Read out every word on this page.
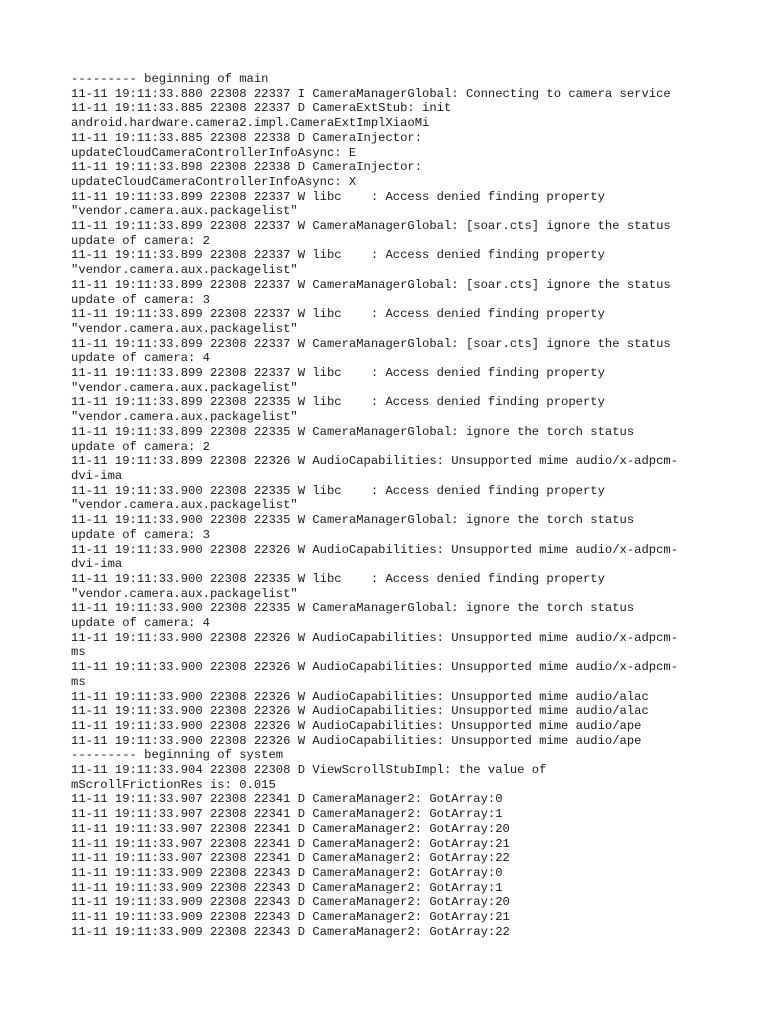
--------- beginning of main
11-11 19:11:33.880 22308 22337 I CameraManagerGlobal: Connecting to camera service
11-11 19:11:33.885 22308 22337 D CameraExtStub: init
android.hardware.camera2.impl.CameraExtImplXiaoMi
11-11 19:11:33.885 22308 22338 D CameraInjector:
updateCloudCameraControllerInfoAsync: E
11-11 19:11:33.898 22308 22338 D CameraInjector:
updateCloudCameraControllerInfoAsync: X
11-11 19:11:33.899 22308 22337 W libc    : Access denied finding property
"vendor.camera.aux.packagelist"
11-11 19:11:33.899 22308 22337 W CameraManagerGlobal: [soar.cts] ignore the status
update of camera: 2
11-11 19:11:33.899 22308 22337 W libc    : Access denied finding property
"vendor.camera.aux.packagelist"
11-11 19:11:33.899 22308 22337 W CameraManagerGlobal: [soar.cts] ignore the status
update of camera: 3
11-11 19:11:33.899 22308 22337 W libc    : Access denied finding property
"vendor.camera.aux.packagelist"
11-11 19:11:33.899 22308 22337 W CameraManagerGlobal: [soar.cts] ignore the status
update of camera: 4
11-11 19:11:33.899 22308 22337 W libc    : Access denied finding property
"vendor.camera.aux.packagelist"
11-11 19:11:33.899 22308 22335 W libc    : Access denied finding property
"vendor.camera.aux.packagelist"
11-11 19:11:33.899 22308 22335 W CameraManagerGlobal: ignore the torch status
update of camera: 2
11-11 19:11:33.899 22308 22326 W AudioCapabilities: Unsupported mime audio/x-adpcm-
dvi-ima
11-11 19:11:33.900 22308 22335 W libc    : Access denied finding property
"vendor.camera.aux.packagelist"
11-11 19:11:33.900 22308 22335 W CameraManagerGlobal: ignore the torch status
update of camera: 3
11-11 19:11:33.900 22308 22326 W AudioCapabilities: Unsupported mime audio/x-adpcm-
dvi-ima
11-11 19:11:33.900 22308 22335 W libc    : Access denied finding property
"vendor.camera.aux.packagelist"
11-11 19:11:33.900 22308 22335 W CameraManagerGlobal: ignore the torch status
update of camera: 4
11-11 19:11:33.900 22308 22326 W AudioCapabilities: Unsupported mime audio/x-adpcm-
ms
11-11 19:11:33.900 22308 22326 W AudioCapabilities: Unsupported mime audio/x-adpcm-
ms
11-11 19:11:33.900 22308 22326 W AudioCapabilities: Unsupported mime audio/alac
11-11 19:11:33.900 22308 22326 W AudioCapabilities: Unsupported mime audio/alac
11-11 19:11:33.900 22308 22326 W AudioCapabilities: Unsupported mime audio/ape
11-11 19:11:33.900 22308 22326 W AudioCapabilities: Unsupported mime audio/ape
--------- beginning of system
11-11 19:11:33.904 22308 22308 D ViewScrollStubImpl: the value of
mScrollFrictionRes is: 0.015
11-11 19:11:33.907 22308 22341 D CameraManager2: GotArray:0
11-11 19:11:33.907 22308 22341 D CameraManager2: GotArray:1
11-11 19:11:33.907 22308 22341 D CameraManager2: GotArray:20
11-11 19:11:33.907 22308 22341 D CameraManager2: GotArray:21
11-11 19:11:33.907 22308 22341 D CameraManager2: GotArray:22
11-11 19:11:33.909 22308 22343 D CameraManager2: GotArray:0
11-11 19:11:33.909 22308 22343 D CameraManager2: GotArray:1
11-11 19:11:33.909 22308 22343 D CameraManager2: GotArray:20
11-11 19:11:33.909 22308 22343 D CameraManager2: GotArray:21
11-11 19:11:33.909 22308 22343 D CameraManager2: GotArray:22
